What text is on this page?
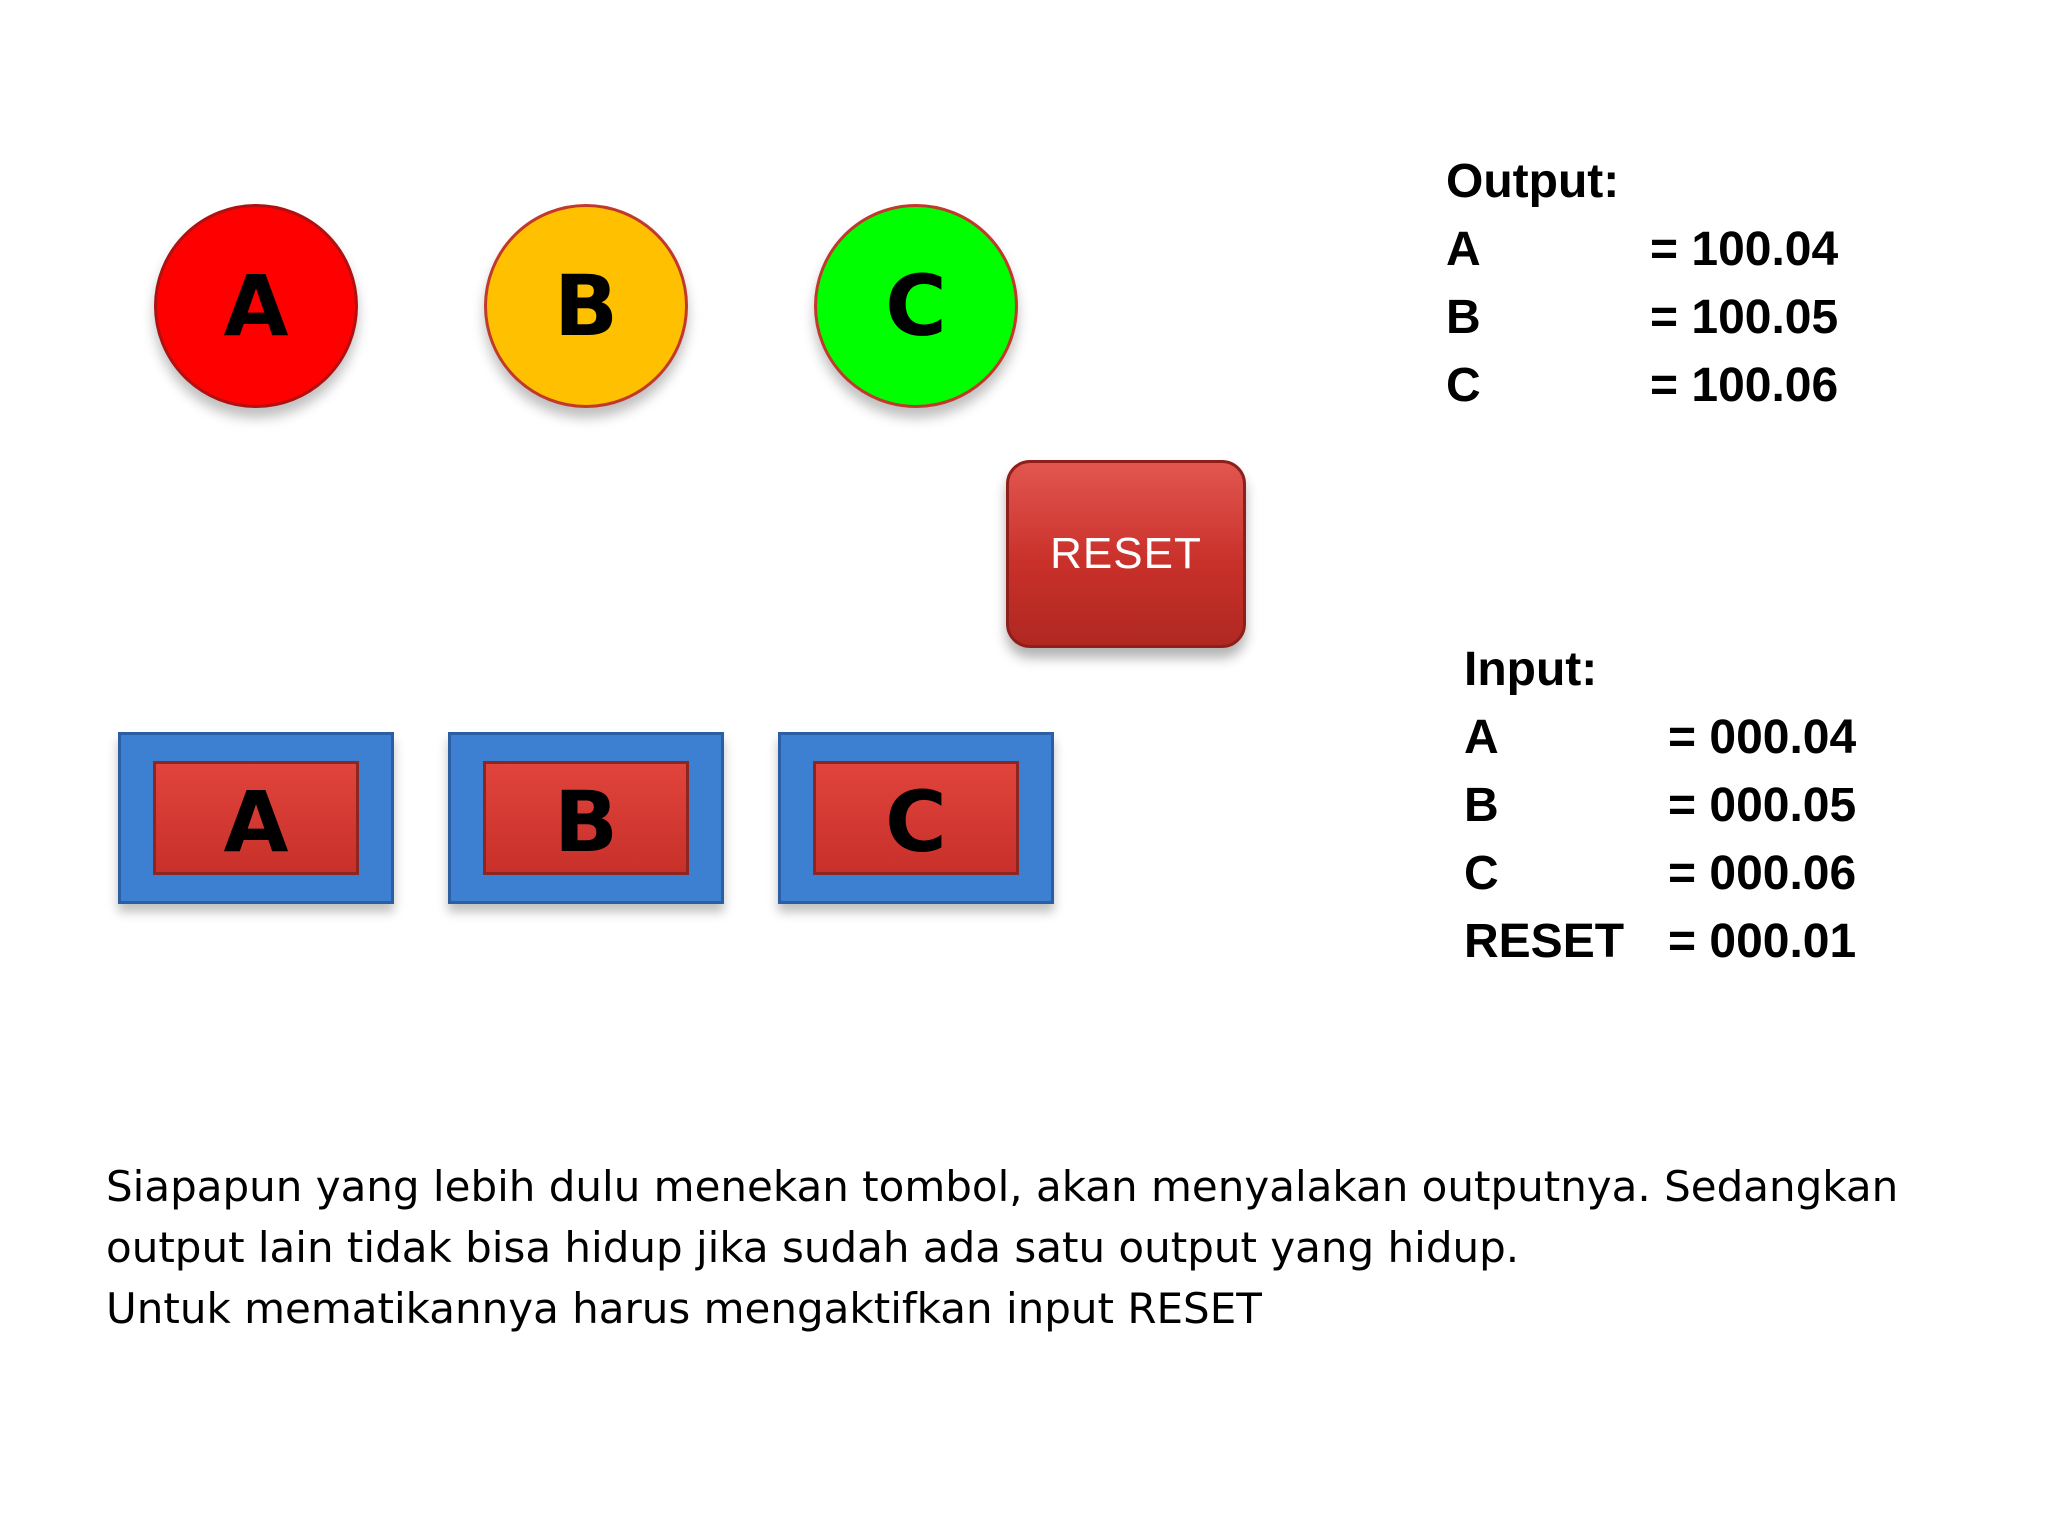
A	B	C
RESET
A	B	C
Output:
A	= 100.04
B	= 100.05
C	= 100.06
Input:
A	= 000.04
B	= 000.05
C	= 000.06
RESET = 000.01

Siapapun yang lebih dulu menekan tombol, akan menyalakan outputnya. Sedangkan output lain tidak bisa hidup jika sudah ada satu output yang hidup.

Untuk mematikannya harus mengaktifkan input RESET
